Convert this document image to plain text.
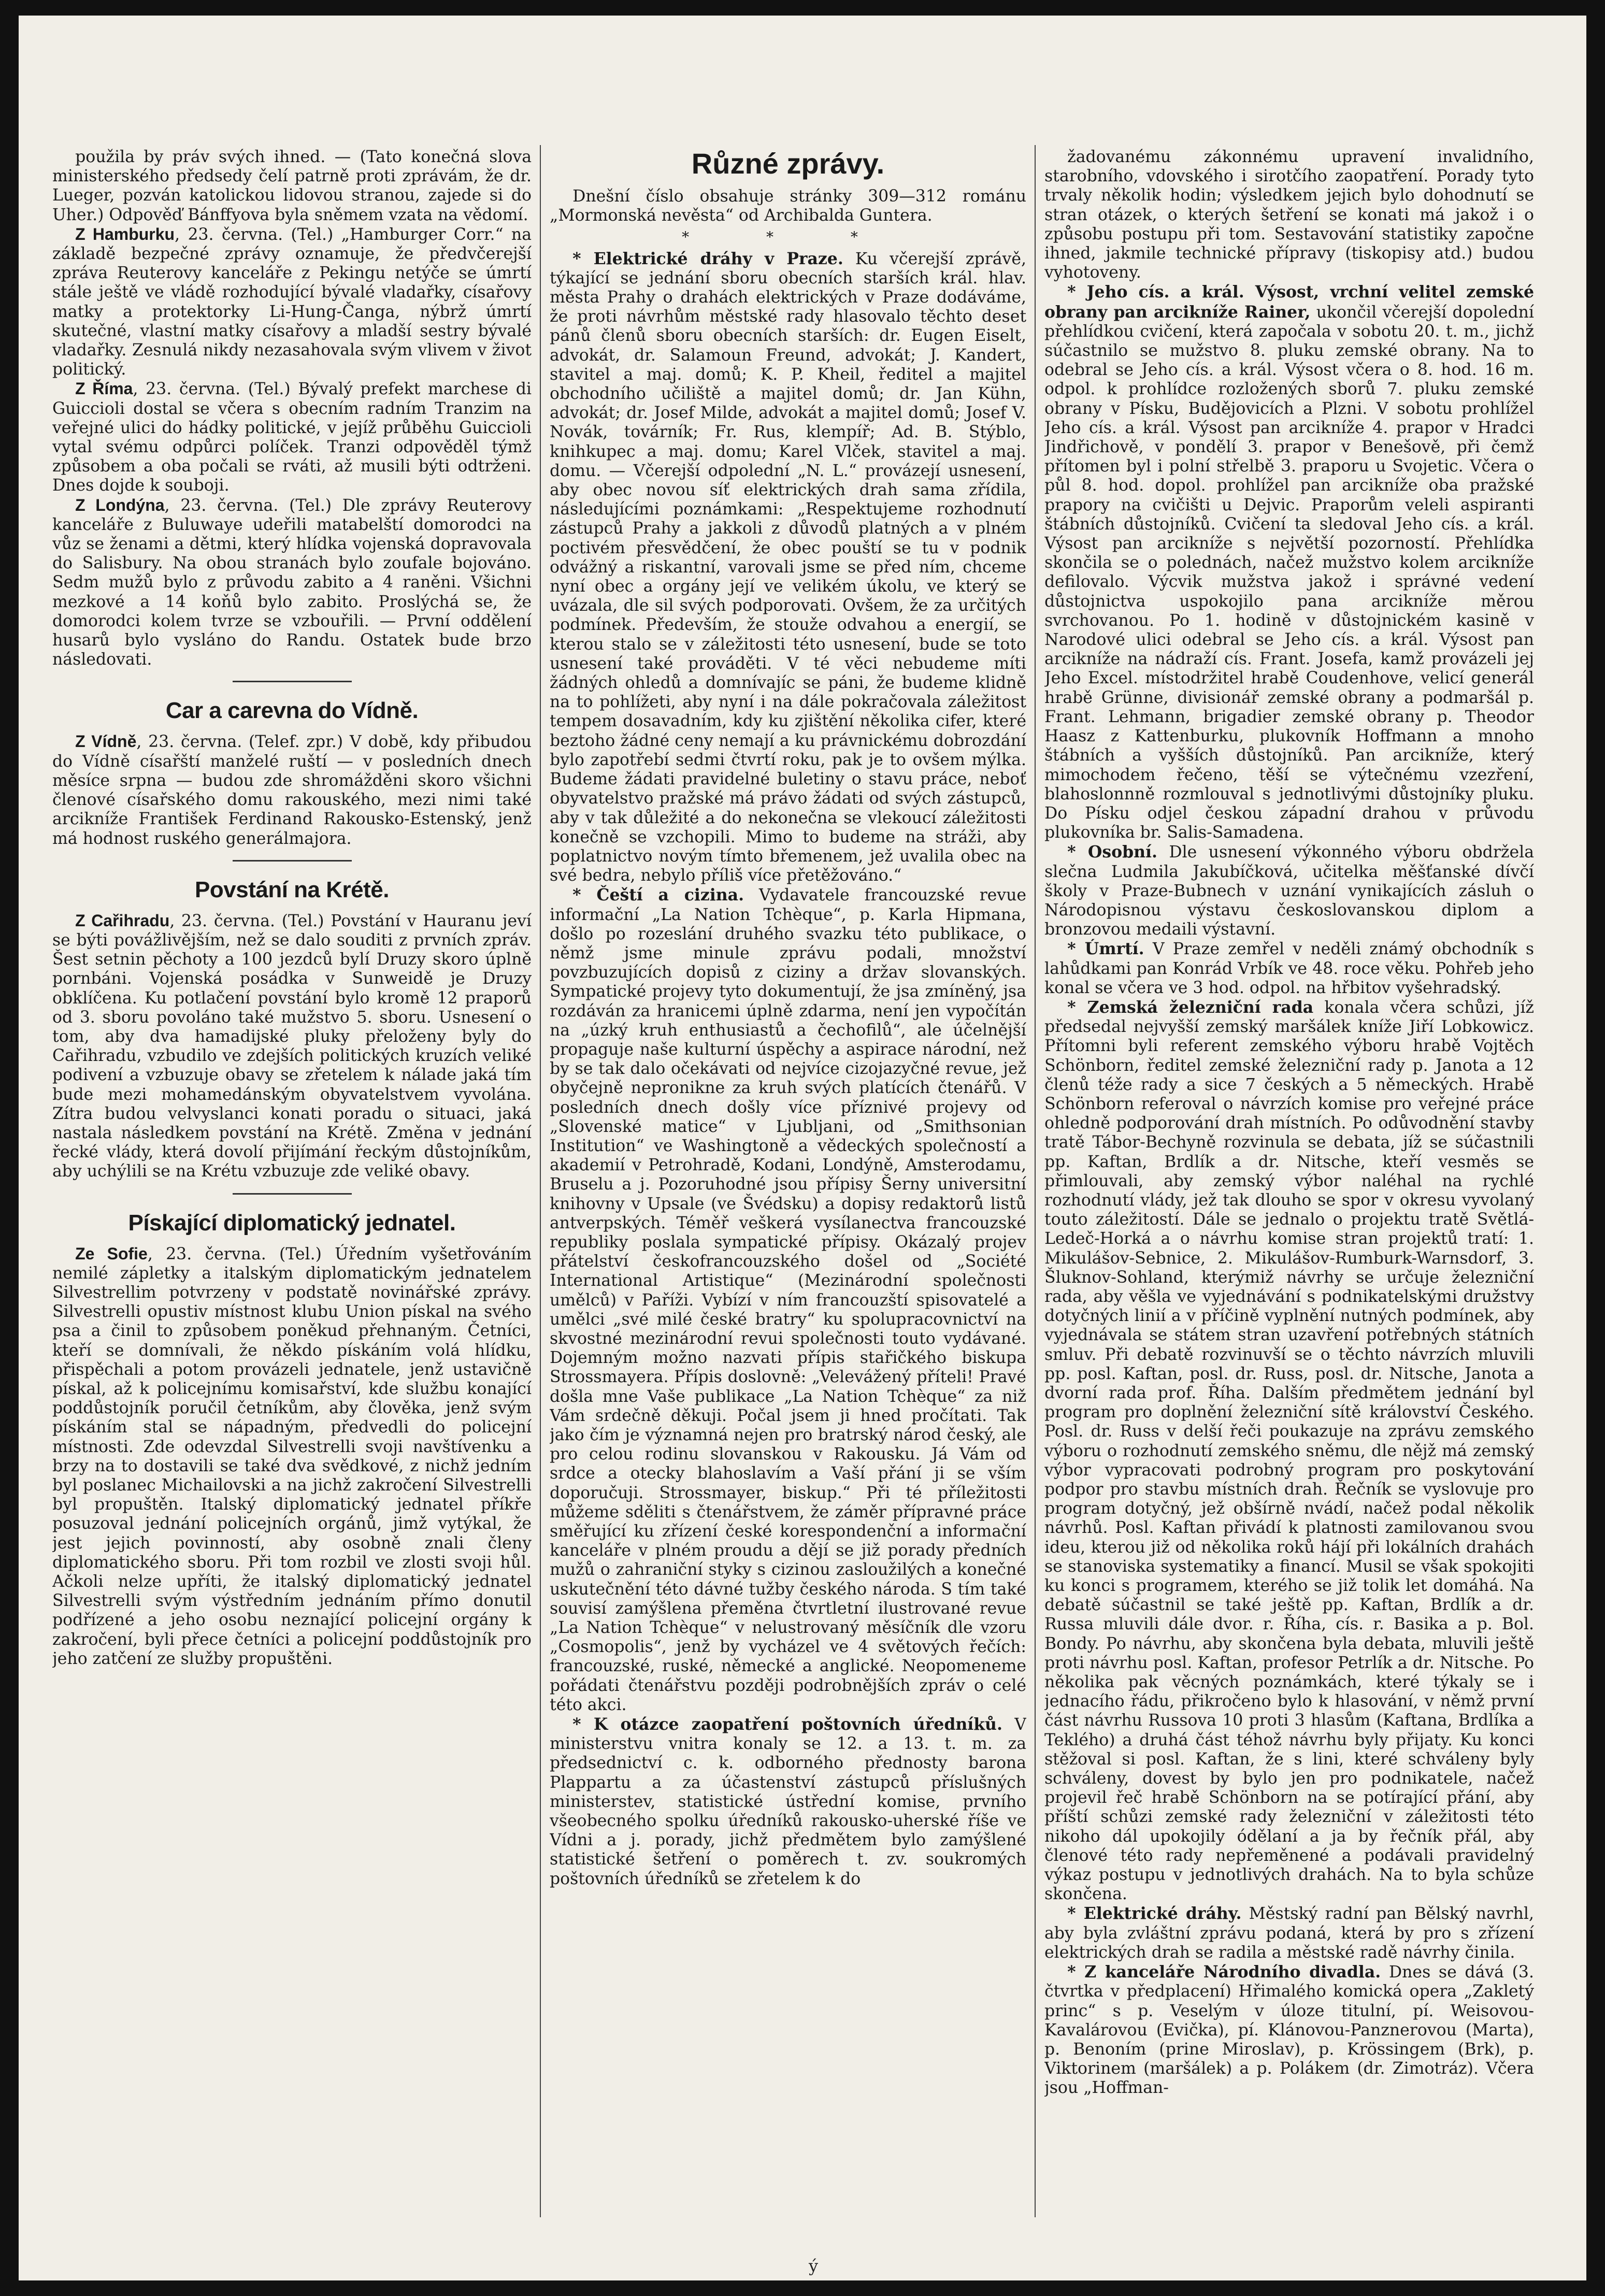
použila by práv svých ihned. — (Tato konečná slova ministerského předsedy čelí patrně proti zprávám, že dr. Lueger, pozván katolickou lidovou stranou, zajede si do Uher.) Odpověď Bánffyova byla sněmem vzata na vědomí.

Z Hamburku, 23. června. (Tel.) „Hamburger Corr.“ na základě bezpečné zprávy oznamuje, že předvčerejší zpráva Reuterovy kanceláře z Pekingu netýče se úmrtí stále ještě ve vládě rozhodující bývalé vladařky, císařovy matky a protektorky Li-Hung-Čanga, nýbrž úmrtí skutečné, vlastní matky císařovy a mladší sestry bývalé vladařky. Zesnulá nikdy nezasahovala svým vlivem v život politický.

Z Říma, 23. června. (Tel.) Bývalý prefekt marchese di Guiccioli dostal se včera s obecním radním Tranzim na veřejné ulici do hádky politické, v jejíž průběhu Guiccioli vytal svému odpůrci políček. Tranzi odpověděl týmž způsobem a oba počali se rváti, až musili býti odtrženi. Dnes dojde k souboji.

Z Londýna, 23. června. (Tel.) Dle zprávy Reuterovy kanceláře z Buluwaye udeřili matabelští domorodci na vůz se ženami a dětmi, který hlídka vojenská dopravovala do Salisbury. Na obou stranách bylo zoufale bojováno. Sedm mužů bylo z průvodu zabito a 4 raněni. Všichni mezkové a 14 koňů bylo zabito. Proslýchá se, že domorodci kolem tvrze se vzbouřili. — První oddělení husarů bylo vysláno do Randu. Ostatek bude brzo následovati.

Car a carevna do Vídně.

Z Vídně, 23. června. (Telef. zpr.) V době, kdy přibudou do Vídně císařští manželé ruští — v posledních dnech měsíce srpna — budou zde shromážděni skoro všichni členové císařského domu rakouského, mezi nimi také arcikníže František Ferdinand Rakousko-Estenský, jenž má hodnost ruského generálmajora.

Povstání na Krétě.

Z Cařihradu, 23. června. (Tel.) Povstání v Hauranu jeví se býti povážlivějším, než se dalo souditi z prvních zpráv. Šest setnin pěchoty a 100 jezdců bylí Druzy skoro úplně pornbáni. Vojenská posádka v Sunweidě je Druzy obklíčena. Ku potlačení povstání bylo kromě 12 praporů od 3. sboru povoláno také mužstvo 5. sboru. Usnesení o tom, aby dva hamadijské pluky přeloženy byly do Cařihradu, vzbudilo ve zdejších politických kruzích veliké podivení a vzbuzuje obavy se zřetelem k nálade jaká tím bude mezi mohamedánským obyvatelstvem vyvolána. Zítra budou velvyslanci konati poradu o situaci, jaká nastala následkem povstání na Krétě. Změna v jednání řecké vlády, která dovolí přijímání řeckým důstojníkům, aby uchýlili se na Krétu vzbuzuje zde veliké obavy.

Pískající diplomatický jednatel.

Ze Sofie, 23. června. (Tel.) Úředním vyšetřováním nemilé zápletky a italským diplomatickým jednatelem Silvestrellim potvrzeny v podstatě novinářské zprávy. Silvestrelli opustiv místnost klubu Union pískal na svého psa a činil to způsobem poněkud přehnaným. Četníci, kteří se domnívali, že někdo pískáním volá hlídku, přispěchali a potom provázeli jednatele, jenž ustavičně pískal, až k policejnímu komisařství, kde službu konající poddůstojník poručil četníkům, aby člověka, jenž svým pískáním stal se nápadným, předvedli do policejní místnosti. Zde odevzdal Silvestrelli svoji navštívenku a brzy na to dostavili se také dva svědkové, z nichž jedním byl poslanec Michailovski a na jichž zakročení Silvestrelli byl propuštěn. Italský diplomatický jednatel příkře posuzoval jednání policejních orgánů, jimž vytýkal, že jest jejich povinností, aby osobně znali členy diplomatického sboru. Při tom rozbil ve zlosti svoji hůl. Ačkoli nelze upříti, že italský diplomatický jednatel Silvestrelli svým výstředním jednáním přímo donutil podřízené a jeho osobu neznající policejní orgány k zakročení, byli přece četníci a policejní poddůstojník pro jeho zatčení ze služby propuštěni.

Různé zprávy.

Dnešní číslo obsahuje stránky 309—312 románu „Mormonská nevěsta“ od Archibalda Guntera.

* * *

* Elektrické dráhy v Praze. Ku včerejší zprávě, týkající se jednání sboru obecních starších král. hlav. města Prahy o drahách elektrických v Praze dodáváme, že proti návrhům městské rady hlasovalo těchto deset pánů členů sboru obecních starších: dr. Eugen Eiselt, advokát, dr. Salamoun Freund, advokát; J. Kandert, stavitel a maj. domů; K. P. Kheil, ředitel a majitel obchodního učiliště a majitel domů; dr. Jan Kühn, advokát; dr. Josef Milde, advokát a majitel domů; Josef V. Novák, továrník; Fr. Rus, klempíř; Ad. B. Stýblo, knihkupec a maj. domu; Karel Vlček, stavitel a maj. domu. — Včerejší odpolední „N. L.“ provázejí usnesení, aby obec novou síť elektrických drah sama zřídila, následujícími poznámkami: „Respektujeme rozhodnutí zástupců Prahy a jakkoli z důvodů platných a v plném poctivém přesvědčení, že obec pouští se tu v podnik odvážný a riskantní, varovali jsme se před ním, chceme nyní obec a orgány její ve velikém úkolu, ve který se uvázala, dle sil svých podporovati. Ovšem, že za určitých podmínek. Především, že stouže odvahou a energií, se kterou stalo se v záležitosti této usnesení, bude se toto usnesení také prováděti. V té věci nebudeme míti žádných ohledů a domnívajíc se páni, že budeme klidně na to pohlížeti, aby nyní i na dále pokračovala záležitost tempem dosavadním, kdy ku zjištění několika cifer, které beztoho žádné ceny nemají a ku právnickému dobrozdání bylo zapotřebí sedmi čtvrtí roku, pak je to ovšem mýlka. Budeme žádati pravidelné buletiny o stavu práce, neboť obyvatelstvo pražské má právo žádati od svých zástupců, aby v tak důležité a do nekonečna se vlekoucí záležitosti konečně se vzchopili. Mimo to budeme na stráži, aby poplatnictvo novým tímto břemenem, jež uvalila obec na své bedra, nebylo příliš více přetěžováno.“

* Čeští a cizina. Vydavatele francouzské revue informační „La Nation Tchèque“, p. Karla Hipmana, došlo po rozeslání druhého svazku této publikace, o němž jsme minule zprávu podali, množství povzbuzujících dopisů z ciziny a držav slovanských. Sympatické projevy tyto dokumentují, že jsa zmíněný, jsa rozdáván za hranicemi úplně zdarma, není jen vypočítán na „úzký kruh enthusiastů a čechofilů“, ale účelnější propaguje naše kulturní úspěchy a aspirace národní, než by se tak dalo očekávati od nejvíce cizojazyčné revue, jež obyčejně nepronikne za kruh svých platících čtenářů. V posledních dnech došly více příznivé projevy od „Slovenské matice“ v Ljubljani, od „Smithsonian Institution“ ve Washingtoně a vědeckých společností a akademií v Petrohradě, Kodani, Londýně, Amsterodamu, Bruselu a j. Pozoruhodné jsou přípisy Šerny universitní knihovny v Upsale (ve Švédsku) a dopisy redaktorů listů antverpských. Téměř veškerá vysílanectva francouzské republiky poslala sympatické přípisy. Okázalý projev přátelství českofrancouzského došel od „Société International Artistique“ (Mezinárodní společnosti umělců) v Paříži. Vybízí v ním francouzští spisovatelé a umělci „své milé české bratry“ ku spolupracovnictví na skvostné mezinárodní revui společnosti touto vydávané. Dojemným možno nazvati přípis stařičkého biskupa Strossmayera. Přípis doslovně: „Velevážený příteli! Pravé došla mne Vaše publikace „La Nation Tchèque“ za niž Vám srdečně děkuji. Počal jsem ji hned pročítati. Tak jako čím je významná nejen pro bratrský národ český, ale pro celou rodinu slovanskou v Rakousku. Já Vám od srdce a otecky blahoslavím a Vaší přání ji se vším doporučuji. Strossmayer, biskup.“ Při té příležitosti můžeme sděliti s čtenářstvem, že záměr přípravné práce směřující ku zřízení české korespondenční a informační kanceláře v plném proudu a dějí se již porady předních mužů o zahraniční styky s cizinou zasloužilých a konečné uskutečnění této dávné tužby českého národa. S tím také souvisí zamýšlena přeměna čtvrtletní ilustrované revue „La Nation Tchèque“ v nelustrovaný měsíčník dle vzoru „Cosmopolis“, jenž by vycházel ve 4 světových řečích: francouzské, ruské, německé a anglické. Neopomeneme pořádati čtenářstvu později podrobnějších zpráv o celé této akci.

* K otázce zaopatření poštovních úředníků. V ministerstvu vnitra konaly se 12. a 13. t. m. za předsednictví c. k. odborného přednosty barona Plappartu a za účastenství zástupců příslušných ministerstev, statistické ústřední komise, prvního všeobecného spolku úředníků rakousko-uherské říše ve Vídni a j. porady, jichž předmětem bylo zamýšlené statistické šetření o poměrech t. zv. soukromých poštovních úředníků se zřetelem k do

žadovanému zákonnému upravení invalidního, starobního, vdovského i sirotčího zaopatření. Porady tyto trvaly několik hodin; výsledkem jejich bylo dohodnutí se stran otázek, o kterých šetření se konati má jakož i o způsobu postupu při tom. Sestavování statistiky započne ihned, jakmile technické přípravy (tiskopisy atd.) budou vyhotoveny.

* Jeho cís. a král. Výsost, vrchní velitel zemské obrany pan arcikníže Rainer, ukončil včerejší dopolední přehlídkou cvičení, která započala v sobotu 20. t. m., jichž súčastnilo se mužstvo 8. pluku zemské obrany. Na to odebral se Jeho cís. a král. Výsost včera o 8. hod. 16 m. odpol. k prohlídce rozložených sborů 7. pluku zemské obrany v Písku, Budějovicích a Plzni. V sobotu prohlížel Jeho cís. a král. Výsost pan arcikníže 4. prapor v Hradci Jindřichově, v pondělí 3. prapor v Benešově, při čemž přítomen byl i polní střelbě 3. praporu u Svojetic. Včera o půl 8. hod. dopol. prohlížel pan arcikníže oba pražské prapory na cvičišti u Dejvic. Praporům veleli aspiranti štábních důstojníků. Cvičení ta sledoval Jeho cís. a král. Výsost pan arcikníže s největší pozorností. Přehlídka skončila se o polednách, načež mužstvo kolem arcikníže defilovalo. Výcvik mužstva jakož i správné vedení důstojnictva uspokojilo pana arcikníže měrou svrchovanou. Po 1. hodině v důstojnickém kasině v Narodové ulici odebral se Jeho cís. a král. Výsost pan arcikníže na nádraží cís. Frant. Josefa, kamž provázeli jej Jeho Excel. místodržitel hrabě Coudenhove, velicí generál hrabě Grünne, divisionář zemské obrany a podmaršál p. Frant. Lehmann, brigadier zemské obrany p. Theodor Haasz z Kattenburku, plukovník Hoffmann a mnoho štábních a vyšších důstojníků. Pan arcikníže, který mimochodem řečeno, těší se výtečnému vzezření, blahoslonnně rozmlouval s jednotlivými důstojníky pluku. Do Písku odjel českou západní drahou v průvodu plukovníka br. Salis-Samadena.

* Osobní. Dle usnesení výkonného výboru obdržela slečna Ludmila Jakubíčková, učitelka měšťanské dívčí školy v Praze-Bubnech v uznání vynikajících zásluh o Národopisnou výstavu českoslovanskou diplom a bronzovou medaili výstavní.

* Úmrtí. V Praze zemřel v neděli známý obchodník s lahůdkami pan Konrád Vrbík ve 48. roce věku. Pohřeb jeho konal se včera ve 3 hod. odpol. na hřbitov vyšehradský.

* Zemská železniční rada konala včera schůzi, jíž předsedal nejvyšší zemský maršálek kníže Jiří Lobkowicz. Přítomni byli referent zemského výboru hrabě Vojtěch Schönborn, ředitel zemské železniční rady p. Janota a 12 členů téže rady a sice 7 českých a 5 německých. Hrabě Schönborn referoval o návrzích komise pro veřejné práce ohledně podporování drah místních. Po odůvodnění stavby tratě Tábor-Bechyně rozvinula se debata, jíž se súčastnili pp. Kaftan, Brdlík a dr. Nitsche, kteří vesměs se přimlouvali, aby zemský výbor naléhal na rychlé rozhodnutí vlády, jež tak dlouho se spor v okresu vyvolaný touto záležitostí. Dále se jednalo o projektu tratě Světlá-Ledeč-Horká a o návrhu komise stran projektů tratí: 1. Mikulášov-Sebnice, 2. Mikulášov-Rumburk-Warnsdorf, 3. Šluknov-Sohland, kterýmiž návrhy se určuje železniční rada, aby věšla ve vyjednávání s podnikatelskými družstvy dotyčných linií a v příčině vyplnění nutných podmínek, aby vyjednávala se státem stran uzavření potřebných státních smluv. Při debatě rozvinuvší se o těchto návrzích mluvili pp. posl. Kaftan, posl. dr. Russ, posl. dr. Nitsche, Janota a dvorní rada prof. Říha. Dalším předmětem jednání byl program pro doplnění železniční sítě království Českého. Posl. dr. Russ v delší řeči poukazuje na zprávu zemského výboru o rozhodnutí zemského sněmu, dle nějž má zemský výbor vypracovati podrobný program pro poskytování podpor pro stavbu místních drah. Řečník se vyslovuje pro program dotyčný, jež obšírně nvádí, načež podal několik návrhů. Posl. Kaftan přivádí k platnosti zamilovanou svou ideu, kterou již od několika roků hájí při lokálních drahách se stanoviska systematiky a financí. Musil se však spokojiti ku konci s programem, kterého se již tolik let domáhá. Na debatě súčastnil se také ještě pp. Kaftan, Brdlík a dr. Russa mluvili dále dvor. r. Říha, cís. r. Basika a p. Bol. Bondy. Po návrhu, aby skončena byla debata, mluvili ještě proti návrhu posl. Kaftan, profesor Petrlík a dr. Nitsche. Po několika pak věcných poznámkách, které týkaly se i jednacího řádu, přikročeno bylo k hlasování, v němž první část návrhu Russova 10 proti 3 hlasům (Kaftana, Brdlíka a Teklého) a druhá část téhož návrhu byly přijaty. Ku konci stěžoval si posl. Kaftan, že s lini, které schváleny byly schváleny, dovest by bylo jen pro podnikatele, načež projevil řeč hrabě Schönborn na se potírající přání, aby příští schůzi zemské rady železniční v záležitosti této nikoho dál upokojily ódělaní a ja by řečník přál, aby členové této rady nepřeměnené a podávali pravidelný výkaz postupu v jednotlivých drahách. Na to byla schůze skončena.

* Elektrické dráhy. Městský radní pan Bělský navrhl, aby byla zvláštní zprávu podaná, která by pro s zřízení elektrických drah se radila a městské radě návrhy činila.

* Z kanceláře Národního divadla. Dnes se dává (3. čtvrtka v předplacení) Hřimalého komická opera „Zakletý princ“ s p. Veselým v úloze titulní, pí. Weisovou-Kavalárovou (Evička), pí. Klánovou-Panznerovou (Marta), p. Benoním (prine Miroslav), p. Krössingem (Brk), p. Viktorinem (maršálek) a p. Polákem (dr. Zimotráz). Včera jsou „Hoffman-

ý
